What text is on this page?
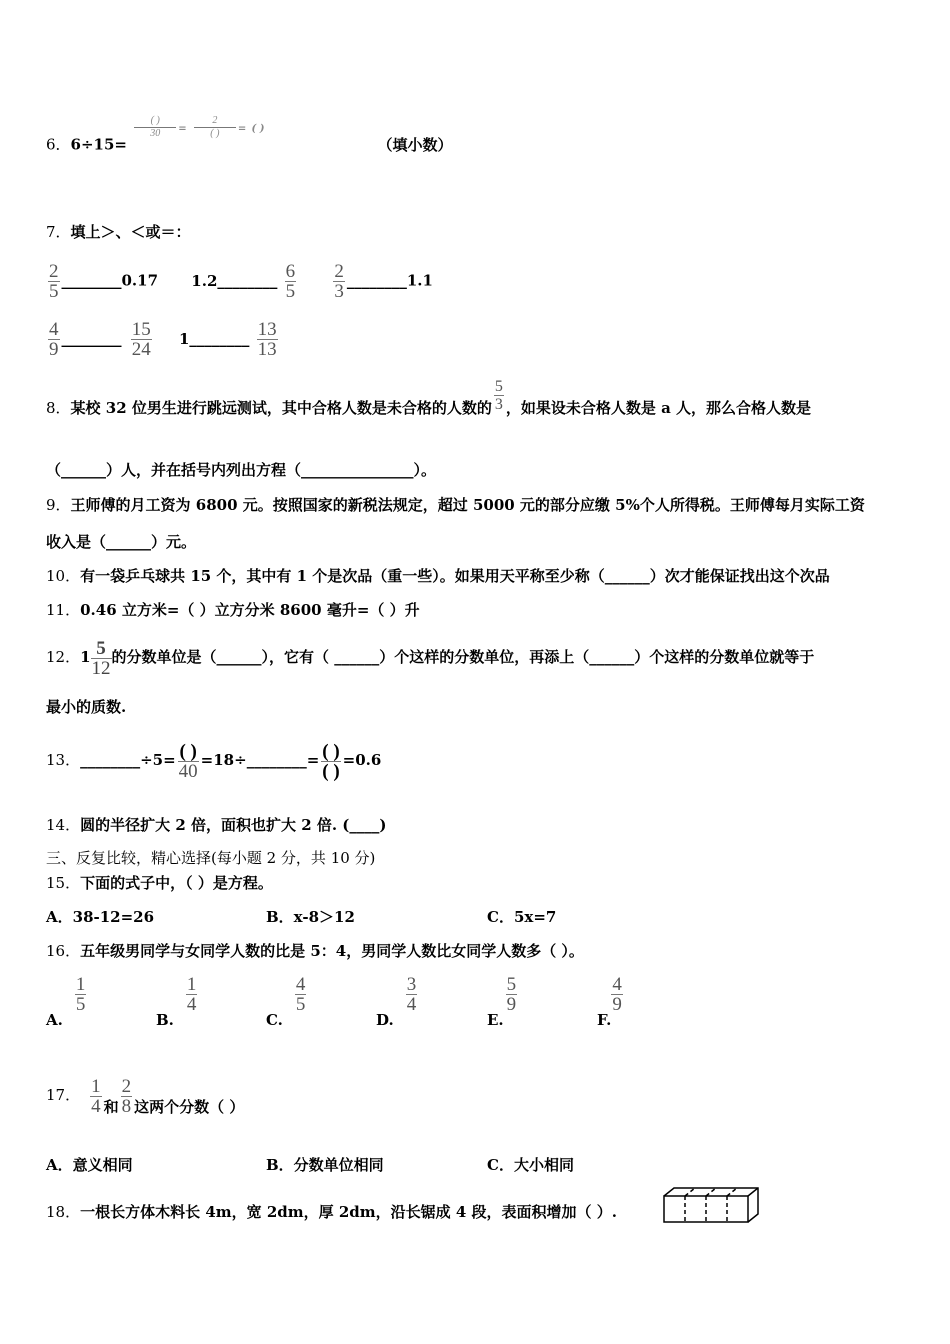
6．6÷15=
$\frac{( )}{30} = \frac{2}{( )}$ = ( ) （填小数）
7．填上＞、＜或＝：
$\frac{2}{5}$ ________0.17 1.2________ $\frac{6}{5}$
$\frac{2}{3}$ ________1.1
$\frac{4}{9}$ ________ $\frac{15}{24}$ 1________ $\frac{13}{13}$
8．某校 32 位男生进行跳远测试，其中合格人数是未合格的人数的 $\frac{5}{3}$ ，如果设未合格人数是 a 人，那么合格人数是
（______）人，并在括号内列出方程（_______________）。
9．王师傅的月工资为 6800 元。按照国家的新税法规定，超过 5000 元的部分应缴 5%个人所得税。王师傅每月实际工资
收入是（______）元。
10．有一袋乒乓球共 15 个，其中有 1 个是次品（重一些）。如果用天平称至少称（______）次才能保证找出这个次品
11．0.46 立方米=（ ）立方分米 8600 毫升=（ ）升
12．$1 \frac{5}{12}$ 的分数单位是（______），它有（ ______）个这样的分数单位，再添上（______）个这样的分数单位就等于
最小的质数.
13．________÷5= $\frac{( )}{40}$ =18÷________= $\frac{( )}{( )} =0.6$
14．圆的半径扩大 2 倍，面积也扩大 2 倍. (____)
三、反复比较，精心选择(每小题 2 分，共 10 分)
15．下面的式子中，（ ）是方程。
A．38-12=26	B．x-8＞12	C．5x=7
16．五年级男同学与女同学人数的比是 5：4，男同学人数比女同学人数多（ ）。
A.
$\frac{1}{5}$
B.
$\frac{1}{4}$
C.
$\frac{4}{5}$
D.
$\frac{3}{4}$
E.
$\frac{5}{9}$
F.
$\frac{4}{9}$
17． $\frac{1}{4}$ 和 $\frac{2}{8}$ 这两个分数（ ）
A．意义相同	B．分数单位相同	C．大小相同
18．一根长方体木料长 4m，宽 2dm，厚 2dm，沿长锯成 4 段，表面积增加（ ）.
